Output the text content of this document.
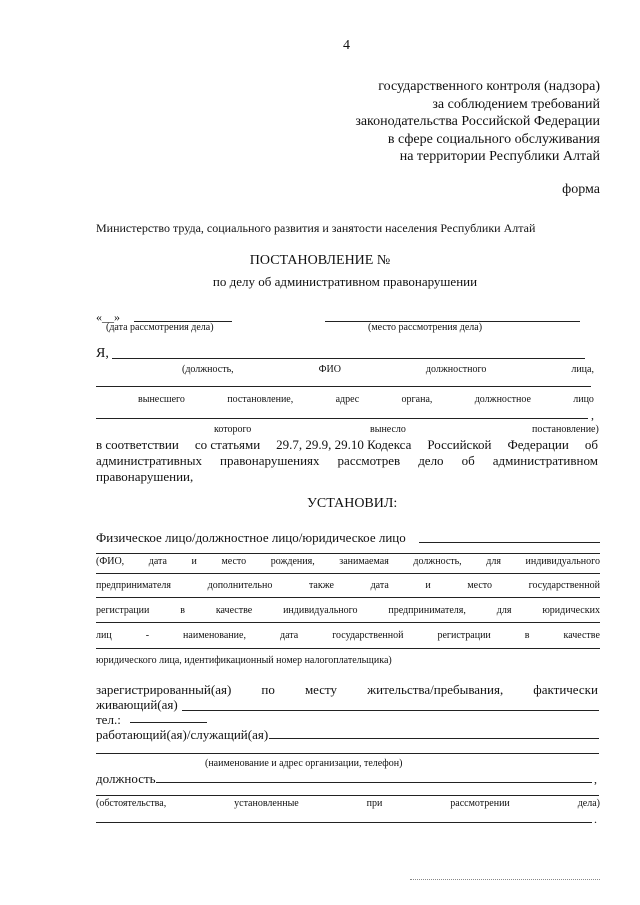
4
государственного контроля (надзора)
за соблюдением требований
законодательства Российской Федерации
в сфере социального обслуживания
на территории Республики Алтай
форма
Министерство труда, социального развития и занятости населения Республики Алтай
ПОСТАНОВЛЕНИЕ №
по делу об административном правонарушении
«__»
(дата рассмотрения дела)	(место рассмотрения дела)
Я,
(должность,	ФИО	должностного	лица,
вынесшего	постановление,	адрес	органа,	должностное	лицо
,
которого	вынесло	постановление)
в соответствии со статьями 29.7, 29.9, 29.10 Кодекса Российской Федерации об
административных правонарушениях рассмотрев дело об административном
правонарушении,
УСТАНОВИЛ:
Физическое лицо/должностное лицо/юридическое лицо
(ФИО, дата и место рождения, занимаемая должность, для индивидуального
предпринимателя	дополнительно	также	дата	и	место	государственной
регистрации	в	качестве	индивидуального	предпринимателя,	для	юридических
лиц	-	наименование,	дата	государственной	регистрации	в	качестве
юридического лица, идентификационный номер налогоплательщика)
зарегистрированный(ая) по месту жительства/пребывания, фактически
живающий(ая)
тел.:
работающий(ая)/служащий(ая)
(наименование и адрес организации, телефон)
должность	,
(обстоятельства,	установленные	при	рассмотрении	дела)
.
